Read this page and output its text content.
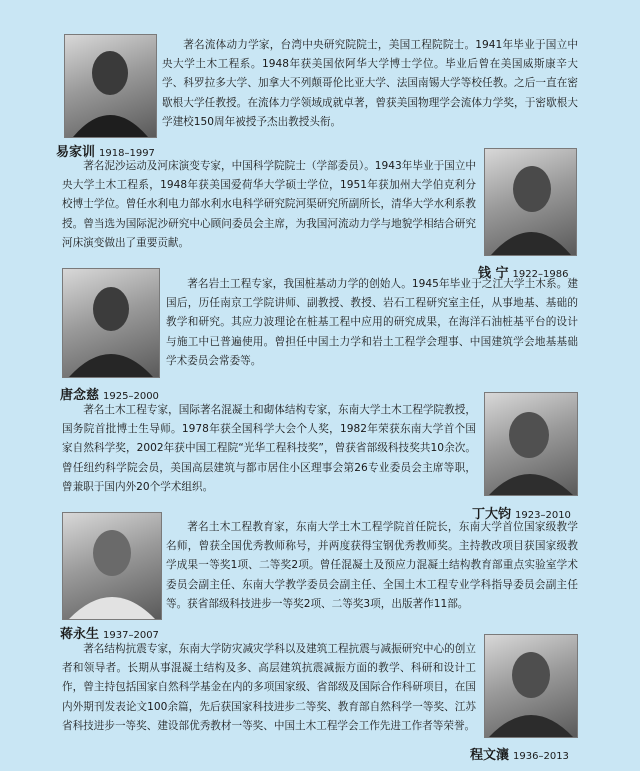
著名流体动力学家，台湾中央研究院院士，美国工程院院士。1941年毕业于国立中央大学土木工程系。1948年获美国依阿华大学博士学位。毕业后曾在美国威斯康辛大学、科罗拉多大学、加拿大不列颠哥伦比亚大学、法国南锡大学等校任教。之后一直在密歇根大学任教授。在流体力学领域成就卓著，曾获美国物理学会流体力学奖，于密歇根大学建校150周年被授予杰出教授头衔。

易家训 1918–1997

著名泥沙运动及河床演变专家，中国科学院院士（学部委员）。1943年毕业于国立中央大学土木工程系，1948年获美国爱荷华大学硕士学位，1951年获加州大学伯克利分校博士学位。曾任水利电力部水利水电科学研究院河渠研究所副所长，清华大学水利系教授。曾当选为国际泥沙研究中心顾问委员会主席，为我国河流动力学与地貌学相结合研究河床演变做出了重要贡献。

钱 宁 1922–1986

著名岩土工程专家，我国桩基动力学的创始人。1945年毕业于之江大学土木系。建国后，历任南京工学院讲师、副教授、教授、岩石工程研究室主任，从事地基、基础的教学和研究。其应力波理论在桩基工程中应用的研究成果，在海洋石油桩基平台的设计与施工中已普遍使用。曾担任中国土力学和岩土工程学会理事、中国建筑学会地基基础学术委员会常委等。

唐念慈 1925–2000

著名土木工程专家，国际著名混凝土和砌体结构专家，东南大学土木工程学院教授，国务院首批博士生导师。1978年获全国科学大会个人奖，1982年荣获东南大学首个国家自然科学奖，2002年获中国工程院“光华工程科技奖”，曾获省部级科技奖共10余次。曾任纽约科学院会员，美国高层建筑与都市居住小区理事会第26专业委员会主席等职，曾兼职于国内外20个学术组织。

丁大钧 1923–2010

著名土木工程教育家，东南大学土木工程学院首任院长，东南大学首位国家级教学名师，曾获全国优秀教师称号，并两度获得宝钢优秀教师奖。主持教改项目获国家级教学成果一等奖1项、二等奖2项。曾任混凝土及预应力混凝土结构教育部重点实验室学术委员会副主任、东南大学教学委员会副主任、全国土木工程专业学科指导委员会副主任等。获省部级科技进步一等奖2项、二等奖3项，出版著作11部。

蒋永生 1937–2007

著名结构抗震专家，东南大学防灾减灾学科以及建筑工程抗震与减振研究中心的创立者和领导者。长期从事混凝土结构及多、高层建筑抗震减振方面的教学、科研和设计工作，曾主持包括国家自然科学基金在内的多项国家级、省部级及国际合作科研项目，在国内外期刊发表论文100余篇，先后获国家科技进步二等奖、教育部自然科学一等奖、江苏省科技进步一等奖、建设部优秀教材一等奖、中国土木工程学会工作先进工作者等荣誉。

程文瀼 1936–2013
